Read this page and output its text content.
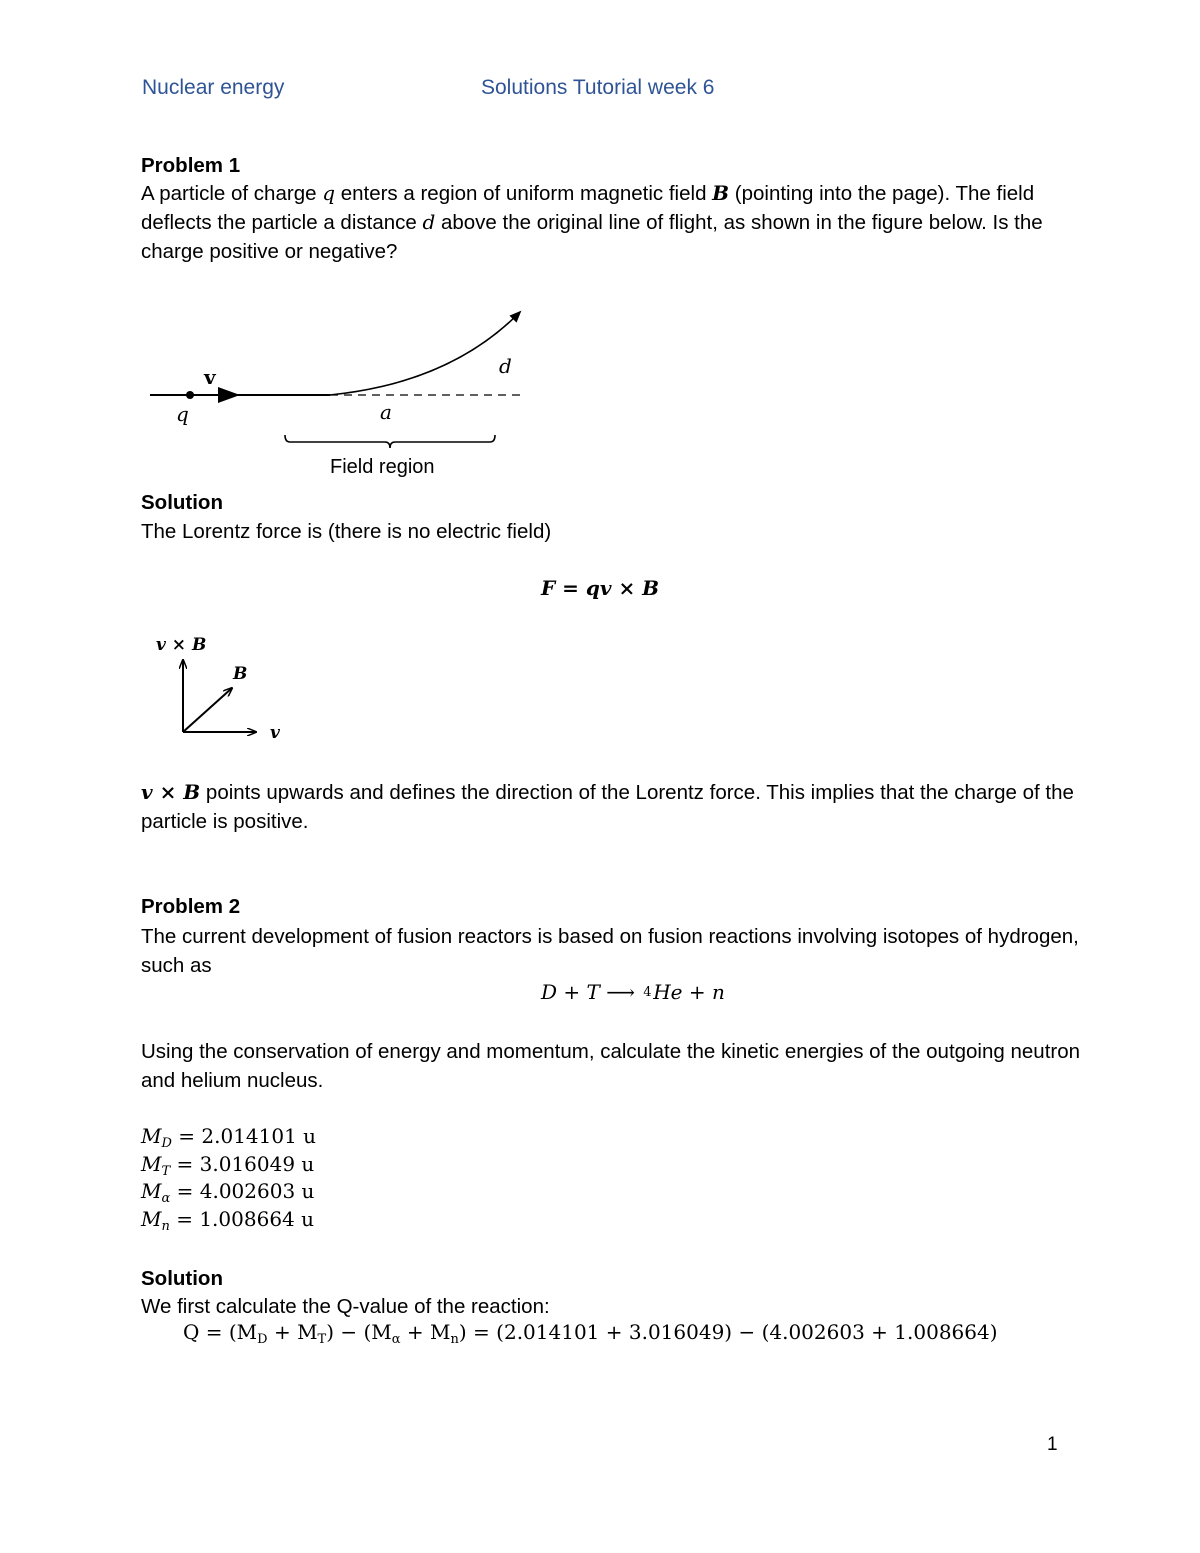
Nuclear energy	Solutions Tutorial week 6
Problem 1
A particle of charge q enters a region of uniform magnetic field B (pointing into the page). The field deflects the particle a distance d above the original line of flight, as shown in the figure below. Is the charge positive or negative?
v
q	a
d
Field region
Solution
The Lorentz force is (there is no electric field)
F = qv × B
v × B
B
v
v × B points upwards and defines the direction of the Lorentz force. This implies that the charge of the particle is positive.
Problem 2
The current development of fusion reactors is based on fusion reactions involving isotopes of hydrogen, such as
D + T ⟶ 4 He + n
Using the conservation of energy and momentum, calculate the kinetic energies of the outgoing neutron and helium nucleus.
$M_D = 2.014101$ u
$M_T = 3.016049$ u
$M_\alpha = 4.002603$ u
$M_n = 1.008664$ u
Solution
We first calculate the Q-value of the reaction:
$Q = (M_D + M_T) - (M_\alpha + M_n) = (2.014101 + 3.016049) - (4.002603 + 1.008664)$
1
